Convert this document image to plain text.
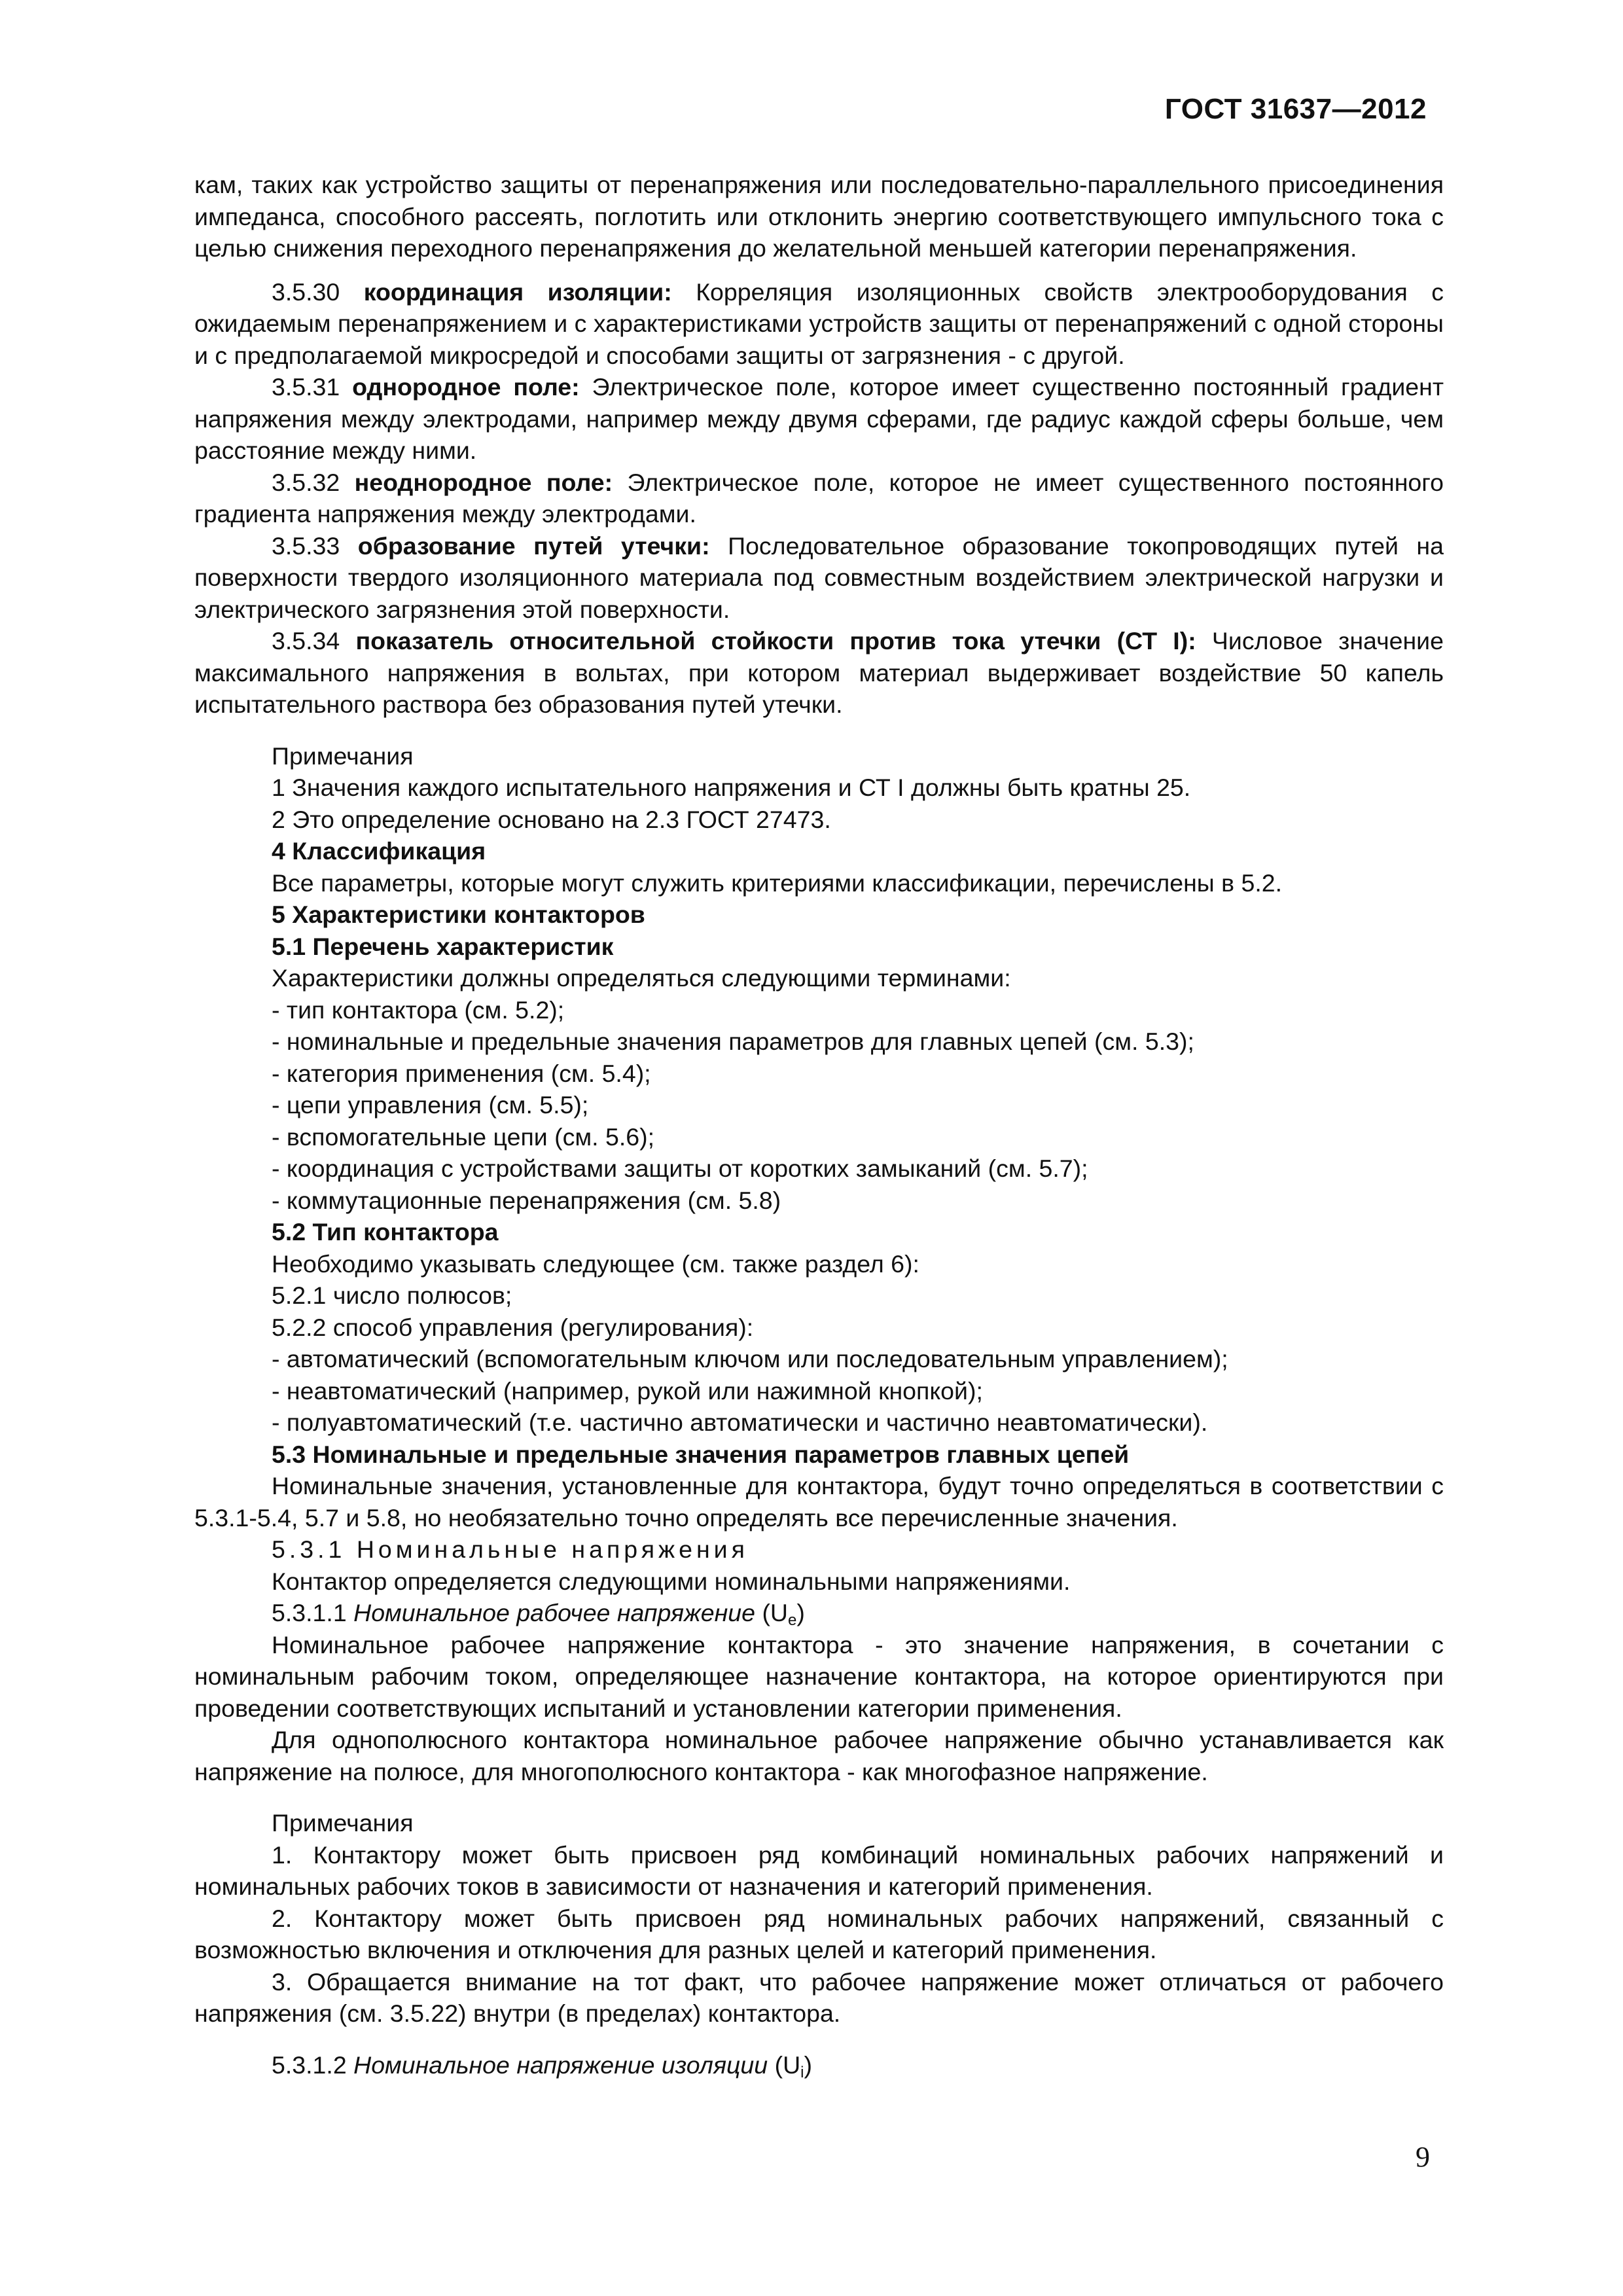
ГОСТ 31637—2012

кам, таких как устройство защиты от перенапряжения или последовательно-параллельного присоединения импеданса, способного рассеять, поглотить или отклонить энергию соответствующего импульсного тока с целью снижения переходного перенапряжения до желательной меньшей категории перенапряжения.

3.5.30 координация изоляции: Корреляция изоляционных свойств электрооборудования с ожидаемым перенапряжением и с характеристиками устройств защиты от перенапряжений с одной стороны и с предполагаемой микросредой и способами защиты от загрязнения - с другой.

3.5.31 однородное поле: Электрическое поле, которое имеет существенно постоянный градиент напряжения между электродами, например между двумя сферами, где радиус каждой сферы больше, чем расстояние между ними.

3.5.32 неоднородное поле: Электрическое поле, которое не имеет существенного постоянного градиента напряжения между электродами.

3.5.33 образование путей утечки: Последовательное образование токопроводящих путей на поверхности твердого изоляционного материала под совместным воздействием электрической нагрузки и электрического загрязнения этой поверхности.

3.5.34 показатель относительной стойкости против тока утечки (СТ I): Числовое значение максимального напряжения в вольтах, при котором материал выдерживает воздействие 50 капель испытательного раствора без образования путей утечки.

Примечания

1 Значения каждого испытательного напряжения и СТ I должны быть кратны 25.

2 Это определение основано на 2.3 ГОСТ 27473.

4 Классификация

Все параметры, которые могут служить критериями классификации, перечислены в 5.2.

5 Характеристики контакторов

5.1 Перечень характеристик

Характеристики должны определяться следующими терминами:

- тип контактора (см. 5.2);

- номинальные и предельные значения параметров для главных цепей (см. 5.3);

- категория применения (см. 5.4);

- цепи управления (см. 5.5);

- вспомогательные цепи (см. 5.6);

- координация с устройствами защиты от коротких замыканий (см. 5.7);

- коммутационные перенапряжения (см. 5.8)

5.2 Тип контактора

Необходимо указывать следующее (см. также раздел 6):

5.2.1 число полюсов;

5.2.2 способ управления (регулирования):

- автоматический (вспомогательным ключом или последовательным управлением);

- неавтоматический (например, рукой или нажимной кнопкой);

- полуавтоматический (т.е. частично автоматически и частично неавтоматически).

5.3 Номинальные и предельные значения параметров главных цепей

Номинальные значения, установленные для контактора, будут точно определяться в соответствии с 5.3.1-5.4, 5.7 и 5.8, но необязательно точно определять все перечисленные значения.

5.3.1 Номинальные напряжения

Контактор определяется следующими номинальными напряжениями.

5.3.1.1 Номинальное рабочее напряжение $(U_e)$

Номинальное рабочее напряжение контактора - это значение напряжения, в сочетании с номинальным рабочим током, определяющее назначение контактора, на которое ориентируются при проведении соответствующих испытаний и установлении категории применения.

Для однополюсного контактора номинальное рабочее напряжение обычно устанавливается как напряжение на полюсе, для многополюсного контактора - как многофазное напряжение.

Примечания

1. Контактору может быть присвоен ряд комбинаций номинальных рабочих напряжений и номинальных рабочих токов в зависимости от назначения и категорий применения.

2. Контактору может быть присвоен ряд номинальных рабочих напряжений, связанный с возможностью включения и отключения для разных целей и категорий применения.

3. Обращается внимание на тот факт, что рабочее напряжение может отличаться от рабочего напряжения (см. 3.5.22) внутри (в пределах) контактора.

5.3.1.2 Номинальное напряжение изоляции $(U_i)$

9
